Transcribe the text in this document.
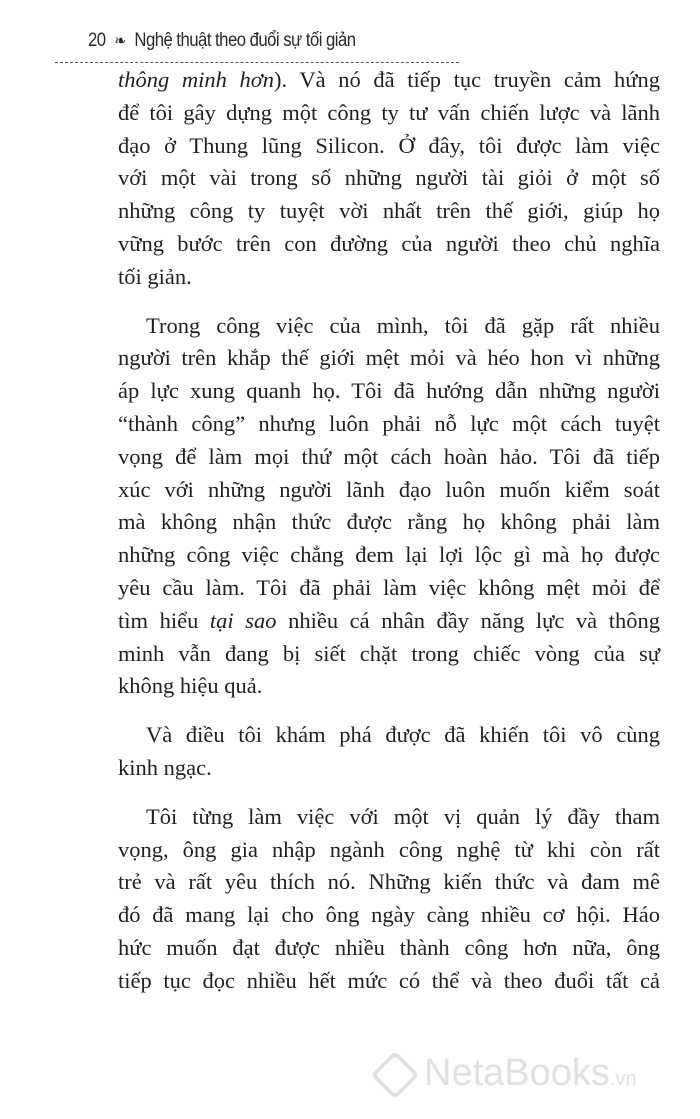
20 ❧ Nghệ thuật theo đuổi sự tối giản
thông minh hơn). Và nó đã tiếp tục truyền cảm hứng
để tôi gây dựng một công ty tư vấn chiến lược và lãnh
đạo ở Thung lũng Silicon. Ở đây, tôi được làm việc
với một vài trong số những người tài giỏi ở một số
những công ty tuyệt vời nhất trên thế giới, giúp họ
vững bước trên con đường của người theo chủ nghĩa
tối giản.
Trong công việc của mình, tôi đã gặp rất nhiều
người trên khắp thế giới mệt mỏi và héo hon vì những
áp lực xung quanh họ. Tôi đã hướng dẫn những người
“thành công” nhưng luôn phải nỗ lực một cách tuyệt
vọng để làm mọi thứ một cách hoàn hảo. Tôi đã tiếp
xúc với những người lãnh đạo luôn muốn kiểm soát
mà không nhận thức được rằng họ không phải làm
những công việc chẳng đem lại lợi lộc gì mà họ được
yêu cầu làm. Tôi đã phải làm việc không mệt mỏi để
tìm hiểu tại sao nhiều cá nhân đầy năng lực và thông
minh vẫn đang bị siết chặt trong chiếc vòng của sự
không hiệu quả.
Và điều tôi khám phá được đã khiến tôi vô cùng
kinh ngạc.
Tôi từng làm việc với một vị quản lý đầy tham
vọng, ông gia nhập ngành công nghệ từ khi còn rất
trẻ và rất yêu thích nó. Những kiến thức và đam mê
đó đã mang lại cho ông ngày càng nhiều cơ hội. Háo
hức muốn đạt được nhiều thành công hơn nữa, ông
tiếp tục đọc nhiều hết mức có thể và theo đuổi tất cả
NetaBooks.vn
